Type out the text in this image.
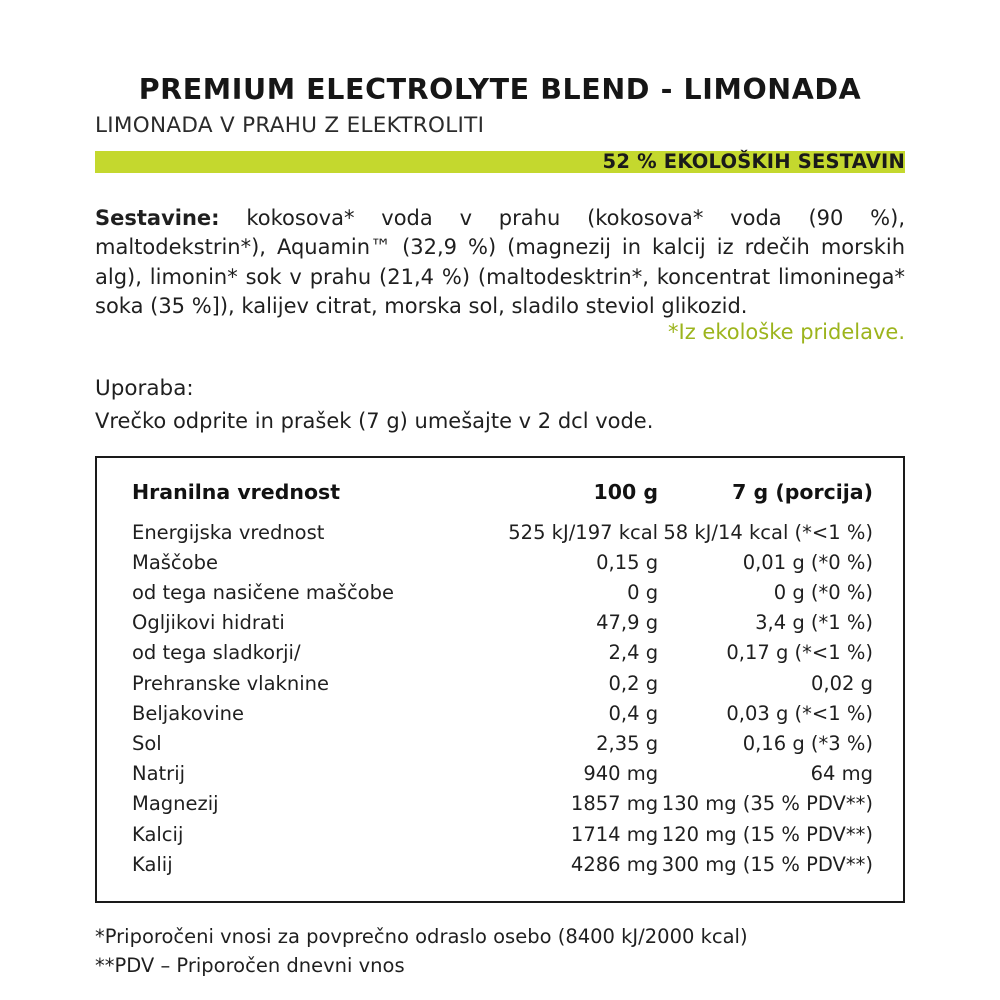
PREMIUM ELECTROLYTE BLEND - LIMONADA
LIMONADA V PRAHU Z ELEKTROLITI
52 % EKOLOŠKIH SESTAVIN
Sestavine: kokosova* voda v prahu (kokosova* voda (90 %), maltodekstrin*), Aquamin™ (32,9 %) (magnezij in kalcij iz rdečih morskih alg), limonin* sok v prahu (21,4 %) (maltodesktrin*, koncentrat limoninega* soka (35 %]), kalijev citrat, morska sol, sladilo steviol glikozid.
*Iz ekološke pridelave.
Uporaba:
Vrečko odprite in prašek (7 g) umešajte v 2 dcl vode.
Hranilna vrednost	100 g	7 g (porcija)
Energijska vrednost	525 kJ/197 kcal	58 kJ/14 kcal (*<1 %)
Maščobe	0,15 g	0,01 g (*0 %)
od tega nasičene maščobe	0 g	0 g (*0 %)
Ogljikovi hidrati	47,9 g	3,4 g (*1 %)
od tega sladkorji/	2,4 g	0,17 g (*<1 %)
Prehranske vlaknine	0,2 g	0,02 g
Beljakovine	0,4 g	0,03 g (*<1 %)
Sol	2,35 g	0,16 g (*3 %)
Natrij	940 mg	64 mg
Magnezij	1857 mg	130 mg (35 % PDV**)
Kalcij	1714 mg	120 mg (15 % PDV**)
Kalij	4286 mg	300 mg (15 % PDV**)
*Priporočeni vnosi za povprečno odraslo osebo (8400 kJ/2000 kcal)
**PDV – Priporočen dnevni vnos
